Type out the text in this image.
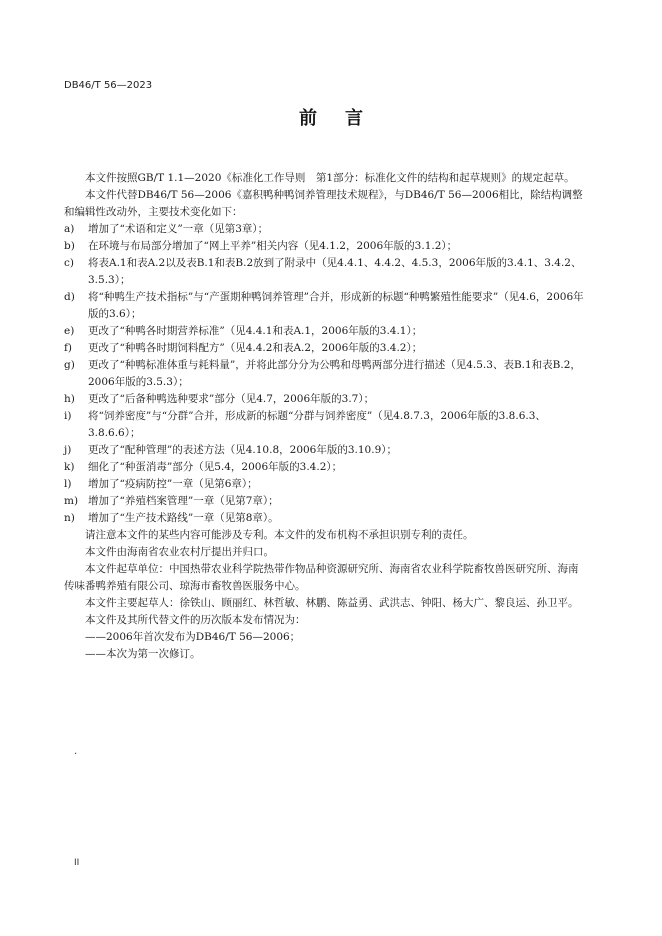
DB46/T 56—2023
前 言

本文件按照GB/T 1.1—2020《标准化工作导则　第1部分：标准化文件的结构和起草规则》的规定起草。

本文件代替DB46/T 56—2006《嘉积鸭种鸭饲养管理技术规程》，与DB46/T 56—2006相比，除结构调整和编辑性改动外，主要技术变化如下：

a)	增加了“术语和定义”一章（见第3章）；
b)	在环境与布局部分增加了“网上平养”相关内容（见4.1.2，2006年版的3.1.2）；
c)	将表A.1和表A.2以及表B.1和表B.2放到了附录中（见4.4.1、4.4.2、4.5.3，2006年版的3.4.1、3.4.2、3.5.3）；
d)	将“种鸭生产技术指标”与“产蛋期种鸭饲养管理”合并，形成新的标题“种鸭繁殖性能要求”（见4.6，2006年版的3.6）；
e)	更改了“种鸭各时期营养标准”（见4.4.1和表A.1，2006年版的3.4.1）；
f)	更改了“种鸭各时期饲料配方”（见4.4.2和表A.2，2006年版的3.4.2）；
g)	更改了“种鸭标准体重与耗料量”，并将此部分分为公鸭和母鸭两部分进行描述（见4.5.3、表B.1和表B.2，2006年版的3.5.3）；
h)	更改了“后备种鸭选种要求”部分（见4.7，2006年版的3.7）；
i)	将“饲养密度”与“分群”合并，形成新的标题“分群与饲养密度”（见4.8.7.3，2006年版的3.8.6.3、3.8.6.6）；
j)	更改了“配种管理”的表述方法（见4.10.8，2006年版的3.10.9）；
k)	细化了“种蛋消毒”部分（见5.4，2006年版的3.4.2）；
l)	增加了“疫病防控”一章（见第6章）；
m) 增加了“养殖档案管理”一章（见第7章）；
n)	增加了“生产技术路线”一章（见第8章）。

请注意本文件的某些内容可能涉及专利。本文件的发布机构不承担识别专利的责任。

本文件由海南省农业农村厅提出并归口。

本文件起草单位：中国热带农业科学院热带作物品种资源研究所、海南省农业科学院畜牧兽医研究所、海南传味番鸭养殖有限公司、琼海市畜牧兽医服务中心。

本文件主要起草人：徐铁山、顾丽红、林哲敏、林鹏、陈益勇、武洪志、钟阳、杨大广、黎良运、孙卫平。

本文件及其所代替文件的历次版本发布情况为：

——2006年首次发布为DB46/T 56—2006；

——本次为第一次修订。

.
II
